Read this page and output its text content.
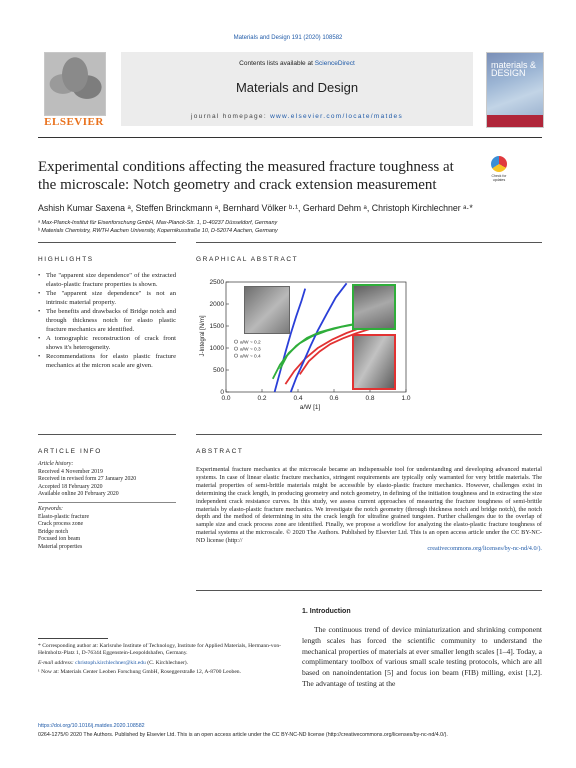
Materials and Design 191 (2020) 108582
ELSEVIER
Contents lists available at ScienceDirect
Materials and Design
journal homepage: www.elsevier.com/locate/matdes
materials & DESIGN
Experimental conditions affecting the measured fracture toughness at the microscale: Notch geometry and crack extension measurement
Check for updates
Ashish Kumar Saxena ᵃ, Steffen Brinckmann ᵃ, Bernhard Völker ᵇ·¹, Gerhard Dehm ᵃ, Christoph Kirchlechner ᵃ·*
ᵃ Max-Planck-Institut für Eisenforschung GmbH, Max-Planck-Str. 1, D-40237 Düsseldorf, Germany
ᵇ Materials Chemistry, RWTH Aachen University, Kopernikusstraße 10, D-52074 Aachen, Germany
HIGHLIGHTS	GRAPHICAL ABSTRACT
• The "apparent size dependence" of the extracted elasto-plastic fracture properties is shown.
• The "apparent size dependence" is not an intrinsic material property.
• The benefits and drawbacks of Bridge notch and through thickness notch for elasto plastic fracture mechanics are identified.
• A tomographic reconstruction of crack front shows it's heterogeneity.
• Recommendations for elasto plastic fracture mechanics at the micron scale are given.
J-Integral [N/m]
a/W [1]
0.0	0.2	0.4	0.6	0.8	1.0
0
500
1000
1500
2000
2500
a/W ~ 0.2
a/W ~ 0.3
a/W ~ 0.4
ARTICLE INFO	ABSTRACT
Article history:
Received 4 November 2019
Received in revised form 27 January 2020
Accepted 18 February 2020
Available online 20 February 2020
Keywords:
Elasto-plastic fracture
Crack process zone
Bridge notch
Focused ion beam
Material properties
Experimental fracture mechanics at the microscale became an indispensable tool for understanding and developing advanced material systems. In case of linear elastic fracture mechanics, stringent requirements are typically only warranted for very brittle materials. The material properties of semi-brittle materials might be accessible by elasto-plastic fracture mechanics. However, challenges exist in determining the crack length, in producing geometry and notch geometry, in defining of the initiation toughness and in extracting the size independent crack resistance curves. In this study, we assess current approaches of measuring the fracture toughness of semi-brittle materials by elasto-plastic fracture mechanics. We investigate the notch geometry (through thickness notch and bridge notch), the notch depth and the method of determining in situ the crack length for ultrafine grained tungsten. Further challenges due to the overlap of sample size and crack process zone are identified. Finally, we propose a workflow for analyzing the elasto-plastic fracture toughness of material systems at the microscale. © 2020 The Authors. Published by Elsevier Ltd. This is an open access article under the CC BY-NC-ND license (http://
creativecommons.org/licenses/by-nc-nd/4.0/).
1. Introduction
The continuous trend of device miniaturization and shrinking component length scales has forced the scientific community to understand the mechanical properties of materials at ever smaller length scales [1–4]. Today, a complimentary toolbox of various small scale testing protocols, which are all based on nanoindentation [5] and focus ion beam (FIB) milling, exist [1,2]. The advantage of testing at the

* Corresponding author at: Karlsruhe Institute of Technology, Institute for Applied Materials, Hermann-von-Helmholtz-Platz 1, D-76344 Eggenstein-Leopoldshafen, Germany.

E-mail address: christoph.kirchlechner@kit.edu (C. Kirchlechner).

¹ Now at: Materials Center Leoben Forschung GmbH, Roseggerstraße 12, A-8700 Leoben.

https://doi.org/10.1016/j.matdes.2020.108582
0264-1275/© 2020 The Authors. Published by Elsevier Ltd. This is an open access article under the CC BY-NC-ND license (http://creativecommons.org/licenses/by-nc-nd/4.0/).
